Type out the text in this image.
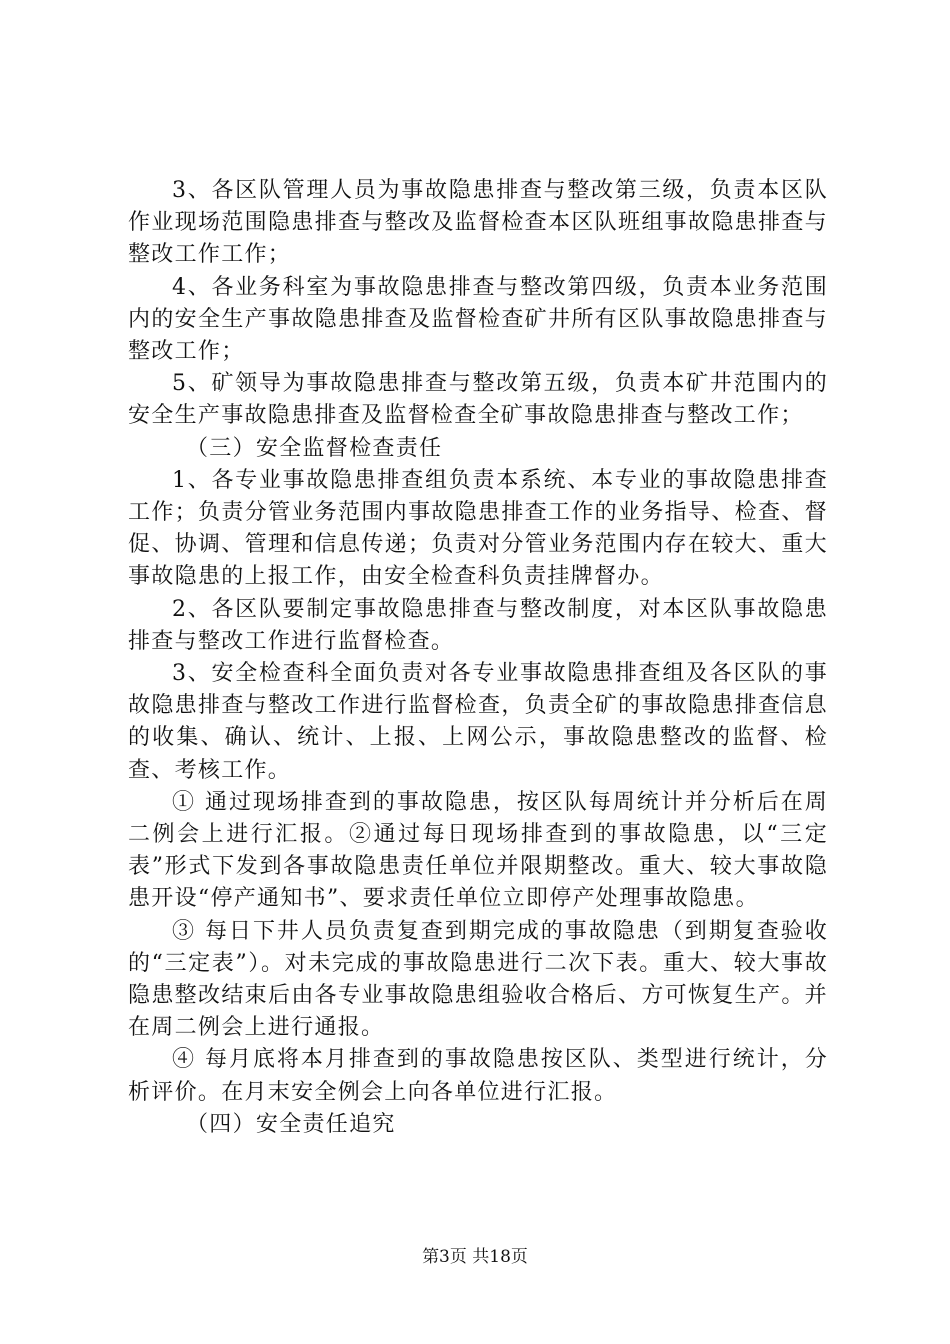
3、各区队管理人员为事故隐患排查与整改第三级，负责本区队作业现场范围隐患排查与整改及监督检查本区队班组事故隐患排查与整改工作工作；

4、各业务科室为事故隐患排查与整改第四级，负责本业务范围内的安全生产事故隐患排查及监督检查矿井所有区队事故隐患排查与整改工作；

5、矿领导为事故隐患排查与整改第五级，负责本矿井范围内的安全生产事故隐患排查及监督检查全矿事故隐患排查与整改工作；

（三）安全监督检查责任

1、各专业事故隐患排查组负责本系统、本专业的事故隐患排查工作；负责分管业务范围内事故隐患排查工作的业务指导、检查、督促、协调、管理和信息传递；负责对分管业务范围内存在较大、重大事故隐患的上报工作，由安全检查科负责挂牌督办。

2、各区队要制定事故隐患排查与整改制度，对本区队事故隐患排查与整改工作进行监督检查。

3、安全检查科全面负责对各专业事故隐患排查组及各区队的事故隐患排查与整改工作进行监督检查，负责全矿的事故隐患排查信息的收集、确认、统计、上报、上网公示，事故隐患整改的监督、检查、考核工作。

① 通过现场排查到的事故隐患，按区队每周统计并分析后在周二例会上进行汇报。②通过每日现场排查到的事故隐患，以“三定表”形式下发到各事故隐患责任单位并限期整改。重大、较大事故隐患开设“停产通知书”、要求责任单位立即停产处理事故隐患。

③ 每日下井人员负责复查到期完成的事故隐患（到期复查验收的“三定表”）。对未完成的事故隐患进行二次下表。重大、较大事故隐患整改结束后由各专业事故隐患组验收合格后、方可恢复生产。并在周二例会上进行通报。

④ 每月底将本月排查到的事故隐患按区队、类型进行统计，分析评价。在月末安全例会上向各单位进行汇报。

（四）安全责任追究

第3页 共18页
